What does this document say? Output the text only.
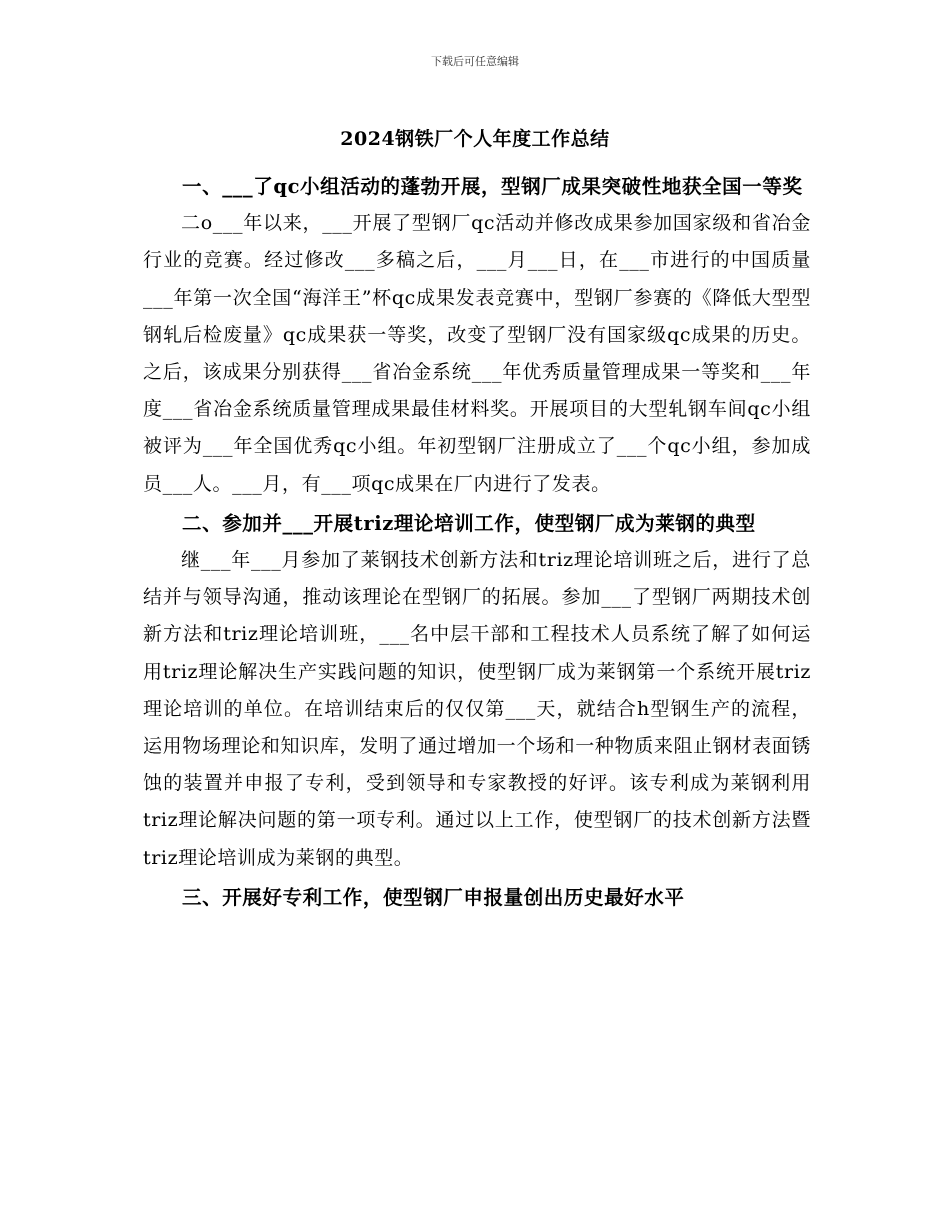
下载后可任意编辑
2024钢铁厂个人年度工作总结
一、___了qc小组活动的蓬勃开展，型钢厂成果突破性地获全国一等奖

二o___年以来，___开展了型钢厂qc活动并修改成果参加国家级和省冶金行业的竞赛。经过修改___多稿之后，___月___日，在___市进行的中国质量___年第一次全国“海洋王”杯qc成果发表竞赛中，型钢厂参赛的《降低大型型钢轧后检废量》qc成果获一等奖，改变了型钢厂没有国家级qc成果的历史。之后，该成果分别获得___省冶金系统___年优秀质量管理成果一等奖和___年度___省冶金系统质量管理成果最佳材料奖。开展项目的大型轧钢车间qc小组被评为___年全国优秀qc小组。年初型钢厂注册成立了___个qc小组，参加成员___人。___月，有___项qc成果在厂内进行了发表。

二、参加并___开展triz理论培训工作，使型钢厂成为莱钢的典型

继___年___月参加了莱钢技术创新方法和triz理论培训班之后，进行了总结并与领导沟通，推动该理论在型钢厂的拓展。参加___了型钢厂两期技术创新方法和triz理论培训班，___名中层干部和工程技术人员系统了解了如何运用triz理论解决生产实践问题的知识，使型钢厂成为莱钢第一个系统开展triz理论培训的单位。在培训结束后的仅仅第___天，就结合h型钢生产的流程，运用物场理论和知识库，发明了通过增加一个场和一种物质来阻止钢材表面锈蚀的装置并申报了专利，受到领导和专家教授的好评。该专利成为莱钢利用triz理论解决问题的第一项专利。通过以上工作，使型钢厂的技术创新方法暨triz理论培训成为莱钢的典型。

三、开展好专利工作，使型钢厂申报量创出历史最好水平
